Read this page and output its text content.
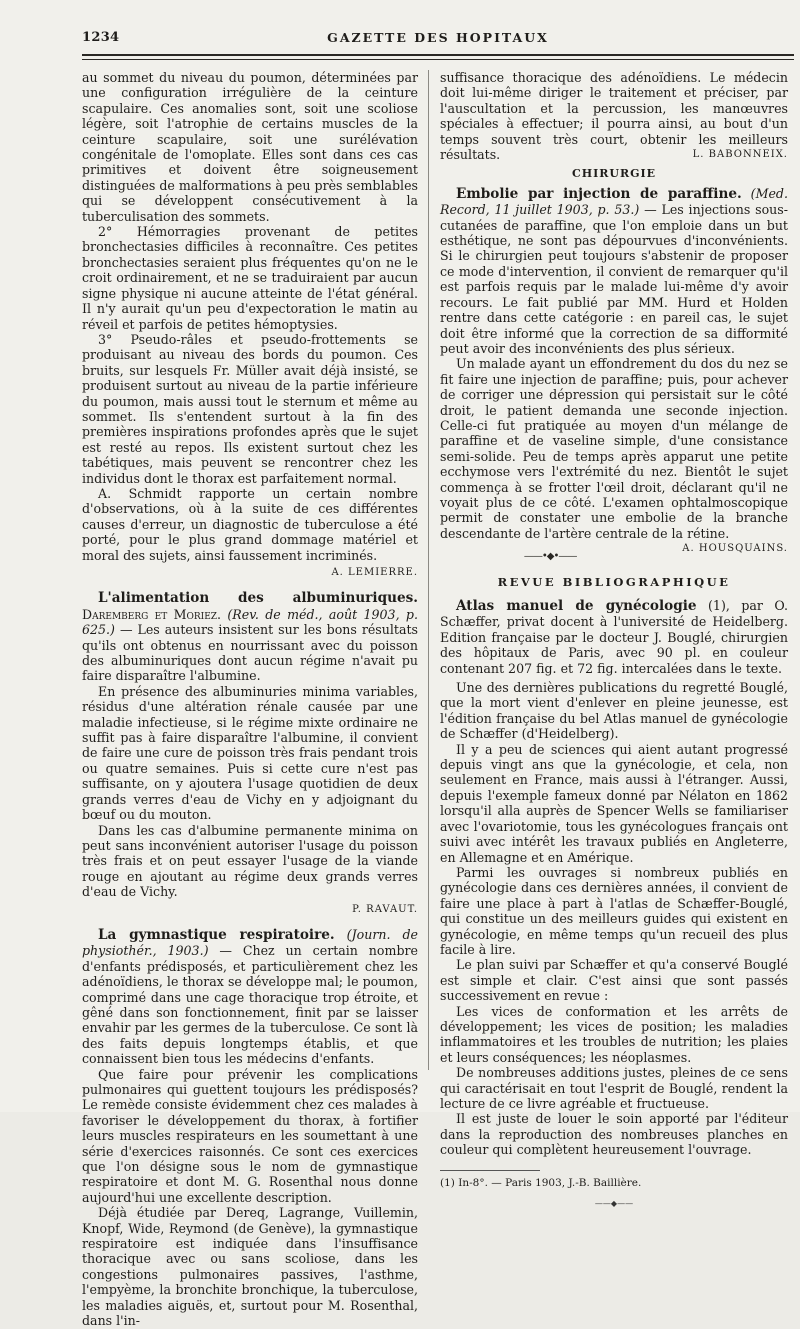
1234	GAZETTE DES HOPITAUX

au sommet du niveau du poumon, déterminées par une configuration irrégulière de la ceinture scapulaire. Ces anomalies sont, soit une scoliose légère, soit l'atrophie de certains muscles de la ceinture scapulaire, soit une surélévation congénitale de l'omoplate. Elles sont dans ces cas primitives et doivent être soigneusement distinguées de malformations à peu près semblables qui se développent consécutivement à la tuberculisation des sommets.

2° Hémorragies provenant de petites bronchectasies difficiles à reconnaître. Ces petites bronchectasies seraient plus fréquentes qu'on ne le croit ordinairement, et ne se traduiraient par aucun signe physique ni aucune atteinte de l'état général. Il n'y aurait qu'un peu d'expectoration le matin au réveil et parfois de petites hémoptysies.

3° Pseudo-râles et pseudo-frottements se produisant au niveau des bords du poumon. Ces bruits, sur lesquels Fr. Müller avait déjà insisté, se produisent surtout au niveau de la partie inférieure du poumon, mais aussi tout le sternum et même au sommet. Ils s'entendent surtout à la fin des premières inspirations profondes après que le sujet est resté au repos. Ils existent surtout chez les tabétiques, mais peuvent se rencontrer chez les individus dont le thorax est parfaitement normal.

A. Schmidt rapporte un certain nombre d'observations, où à la suite de ces différentes causes d'erreur, un diagnostic de tuberculose a été porté, pour le plus grand dommage matériel et moral des sujets, ainsi faussement incriminés.

A. LEMIERRE.

L'alimentation des albuminuriques. Daremberg et Moriez. (Rev. de méd., août 1903, p. 625.) — Les auteurs insistent sur les bons résultats qu'ils ont obtenus en nourrissant avec du poisson des albuminuriques dont aucun régime n'avait pu faire disparaître l'albumine.

En présence des albuminuries minima variables, résidus d'une altération rénale causée par une maladie infectieuse, si le régime mixte ordinaire ne suffit pas à faire disparaître l'albumine, il convient de faire une cure de poisson très frais pendant trois ou quatre semaines. Puis si cette cure n'est pas suffisante, on y ajoutera l'usage quotidien de deux grands verres d'eau de Vichy en y adjoignant du bœuf ou du mouton.

Dans les cas d'albumine permanente minima on peut sans inconvénient autoriser l'usage du poisson très frais et on peut essayer l'usage de la viande rouge en ajoutant au régime deux grands verres d'eau de Vichy.

P. RAVAUT.

La gymnastique respiratoire. (Journ. de physiothér., 1903.) — Chez un certain nombre d'enfants prédisposés, et particulièrement chez les adénoïdiens, le thorax se développe mal; le poumon, comprimé dans une cage thoracique trop étroite, et gêné dans son fonctionnement, finit par se laisser envahir par les germes de la tuberculose. Ce sont là des faits depuis longtemps établis, et que connaissent bien tous les médecins d'enfants.

Que faire pour prévenir les complications pulmonaires qui guettent toujours les prédisposés? Le remède consiste évidemment chez ces malades à favoriser le développement du thorax, à fortifier leurs muscles respirateurs en les soumettant à une série d'exercices raisonnés. Ce sont ces exercices que l'on désigne sous le nom de gymnastique respiratoire et dont M. G. Rosenthal nous donne aujourd'hui une excellente description.

Déjà étudiée par Dereq, Lagrange, Vuillemin, Knopf, Wide, Reymond (de Genève), la gymnastique respiratoire est indiquée dans l'insuffisance thoracique avec ou sans scoliose, dans les congestions pulmonaires passives, l'asthme, l'empyème, la bronchite bronchique, la tuberculose, les maladies aiguës, et, surtout pour M. Rosenthal, dans l'in-

suffisance thoracique des adénoïdiens. Le médecin doit lui-même diriger le traitement et préciser, par l'auscultation et la percussion, les manœuvres spéciales à effectuer; il pourra ainsi, au bout d'un temps souvent très court, obtenir les meilleurs résultats.	L. BABONNEIX.

CHIRURGIE

Embolie par injection de paraffine. (Med. Record, 11 juillet 1903, p. 53.) — Les injections sous-cutanées de paraffine, que l'on emploie dans un but esthétique, ne sont pas dépourvues d'inconvénients. Si le chirurgien peut toujours s'abstenir de proposer ce mode d'intervention, il convient de remarquer qu'il est parfois requis par le malade lui-même d'y avoir recours. Le fait publié par MM. Hurd et Holden rentre dans cette catégorie : en pareil cas, le sujet doit être informé que la correction de sa difformité peut avoir des inconvénients des plus sérieux.

Un malade ayant un effondrement du dos du nez se fit faire une injection de paraffine; puis, pour achever de corriger une dépression qui persistait sur le côté droit, le patient demanda une seconde injection. Celle-ci fut pratiquée au moyen d'un mélange de paraffine et de vaseline simple, d'une consistance semi-solide. Peu de temps après apparut une petite ecchymose vers l'extrémité du nez. Bientôt le sujet commença à se frotter l'œil droit, déclarant qu'il ne voyait plus de ce côté. L'examen ophtalmoscopique permit de constater une embolie de la branche descendante de l'artère centrale de la rétine.
A. HOUSQUAINS.

——•◆•——
REVUE BIBLIOGRAPHIQUE

Atlas manuel de gynécologie (1), par O. Schæffer, privat docent à l'université de Heidelberg. Edition française par le docteur J. Bouglé, chirurgien des hôpitaux de Paris, avec 90 pl. en couleur contenant 207 fig. et 72 fig. intercalées dans le texte.

Une des dernières publications du regretté Bouglé, que la mort vient d'enlever en pleine jeunesse, est l'édition française du bel Atlas manuel de gynécologie de Schæffer (d'Heidelberg).

Il y a peu de sciences qui aient autant progressé depuis vingt ans que la gynécologie, et cela, non seulement en France, mais aussi à l'étranger. Aussi, depuis l'exemple fameux donné par Nélaton en 1862 lorsqu'il alla auprès de Spencer Wells se familiariser avec l'ovariotomie, tous les gynécologues français ont suivi avec intérêt les travaux publiés en Angleterre, en Allemagne et en Amérique.

Parmi les ouvrages si nombreux publiés en gynécologie dans ces dernières années, il convient de faire une place à part à l'atlas de Schæffer-Bouglé, qui constitue un des meilleurs guides qui existent en gynécologie, en même temps qu'un recueil des plus facile à lire.

Le plan suivi par Schæffer et qu'a conservé Bouglé est simple et clair. C'est ainsi que sont passés successivement en revue :

Les vices de conformation et les arrêts de développement; les vices de position; les maladies inflammatoires et les troubles de nutrition; les plaies et leurs conséquences; les néoplasmes.

De nombreuses additions justes, pleines de ce sens qui caractérisait en tout l'esprit de Bouglé, rendent la lecture de ce livre agréable et fructueuse.

Il est juste de louer le soin apporté par l'éditeur dans la reproduction des nombreuses planches en couleur qui complètent heureusement l'ouvrage.

(1) In-8°. — Paris 1903, J.-B. Baillière.

——◆——
